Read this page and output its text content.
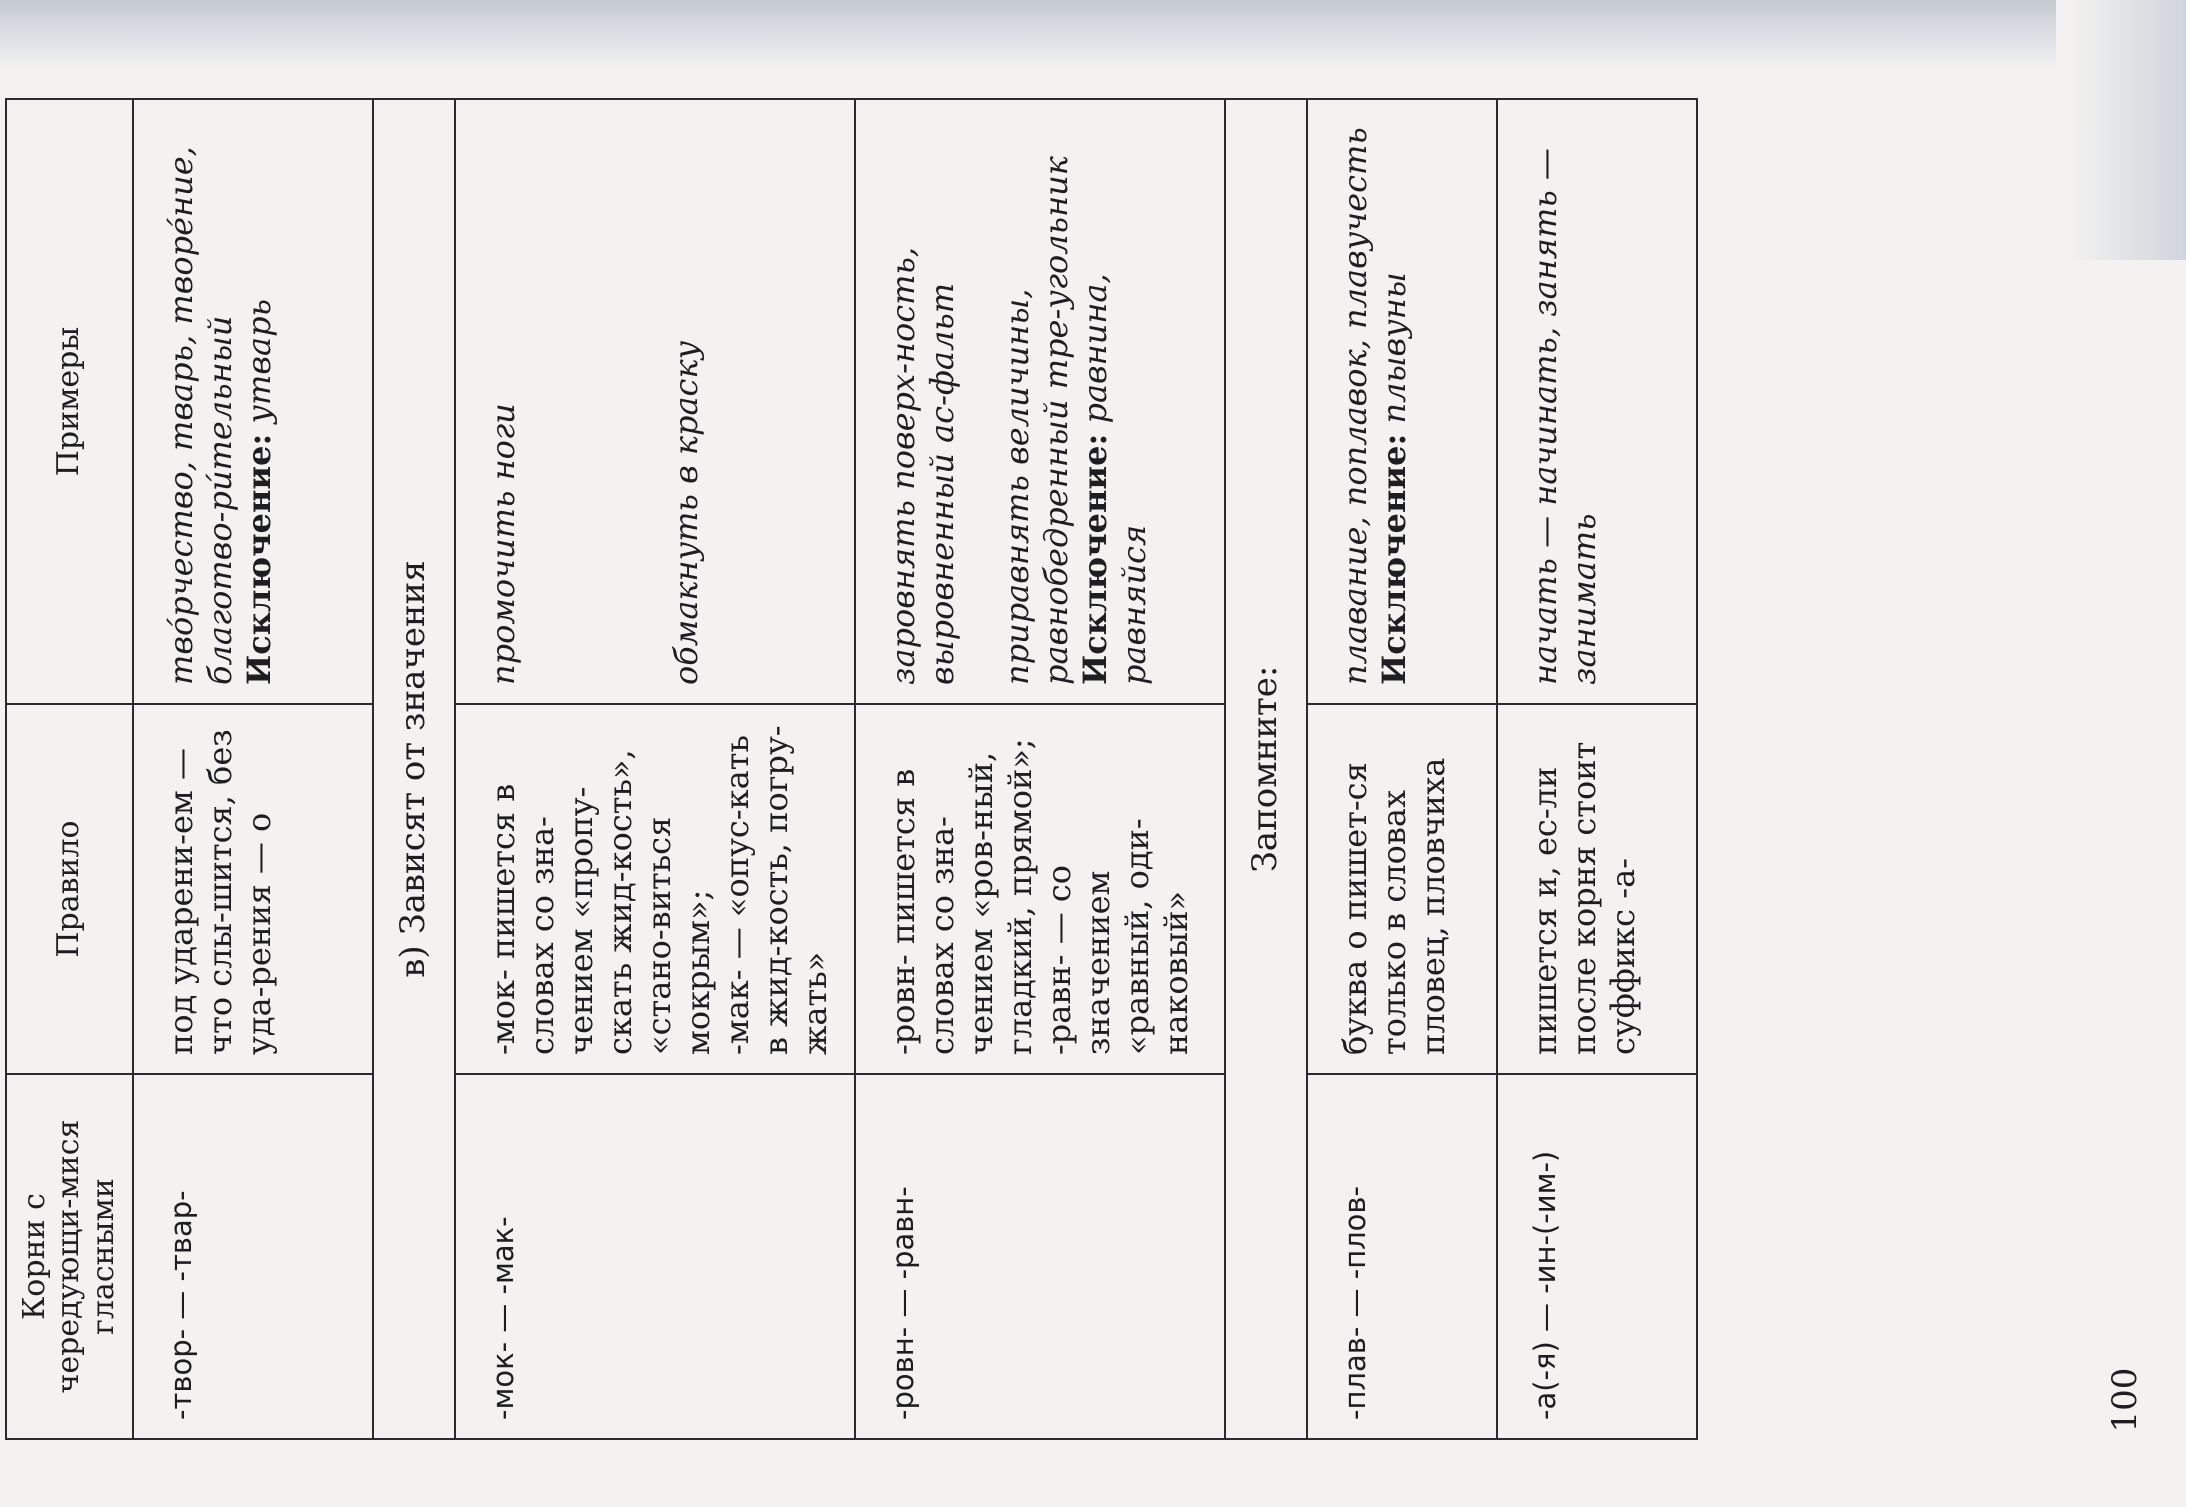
Корни с чередующи-мися гласными	Правило	Примеры
-твор- — -твар-	под ударени-ем — что слы-шится, без уда-рения — о	тво́рчество, тварь, творе́ние, благотво-ри́тельный Исключение: утварь

в) Зависят от значения		
-мок- — -мак-	-мок- пишется в словах со зна-чением «пропу-скать жид-кость», «стано-виться мокрым»; -мак- — «опус-кать в жид-кость, погру-жать»	промочить ноги обмакнуть в краску

-ровн- — -равн-	-ровн- пишется в словах со зна-чением «ров-ный, гладкий, прямой»; -равн- — со значением «равный, оди-наковый»	заровнять поверх-ность, выровненный ас-фальт приравнять величины, равнобедренный тре-угольник Исключение: равнина, равняйся

Запомните:		
-плав- — -плов-	буква о пишет-ся только в словах пловец, пловчиха	плавание, поплавок, плавучесть Исключение: плывуны

-а(-я) — -ин-(-им-)	пишется и, ес-ли после корня стоит суффикс -а-	начать — начинать, занять — занимать
100
